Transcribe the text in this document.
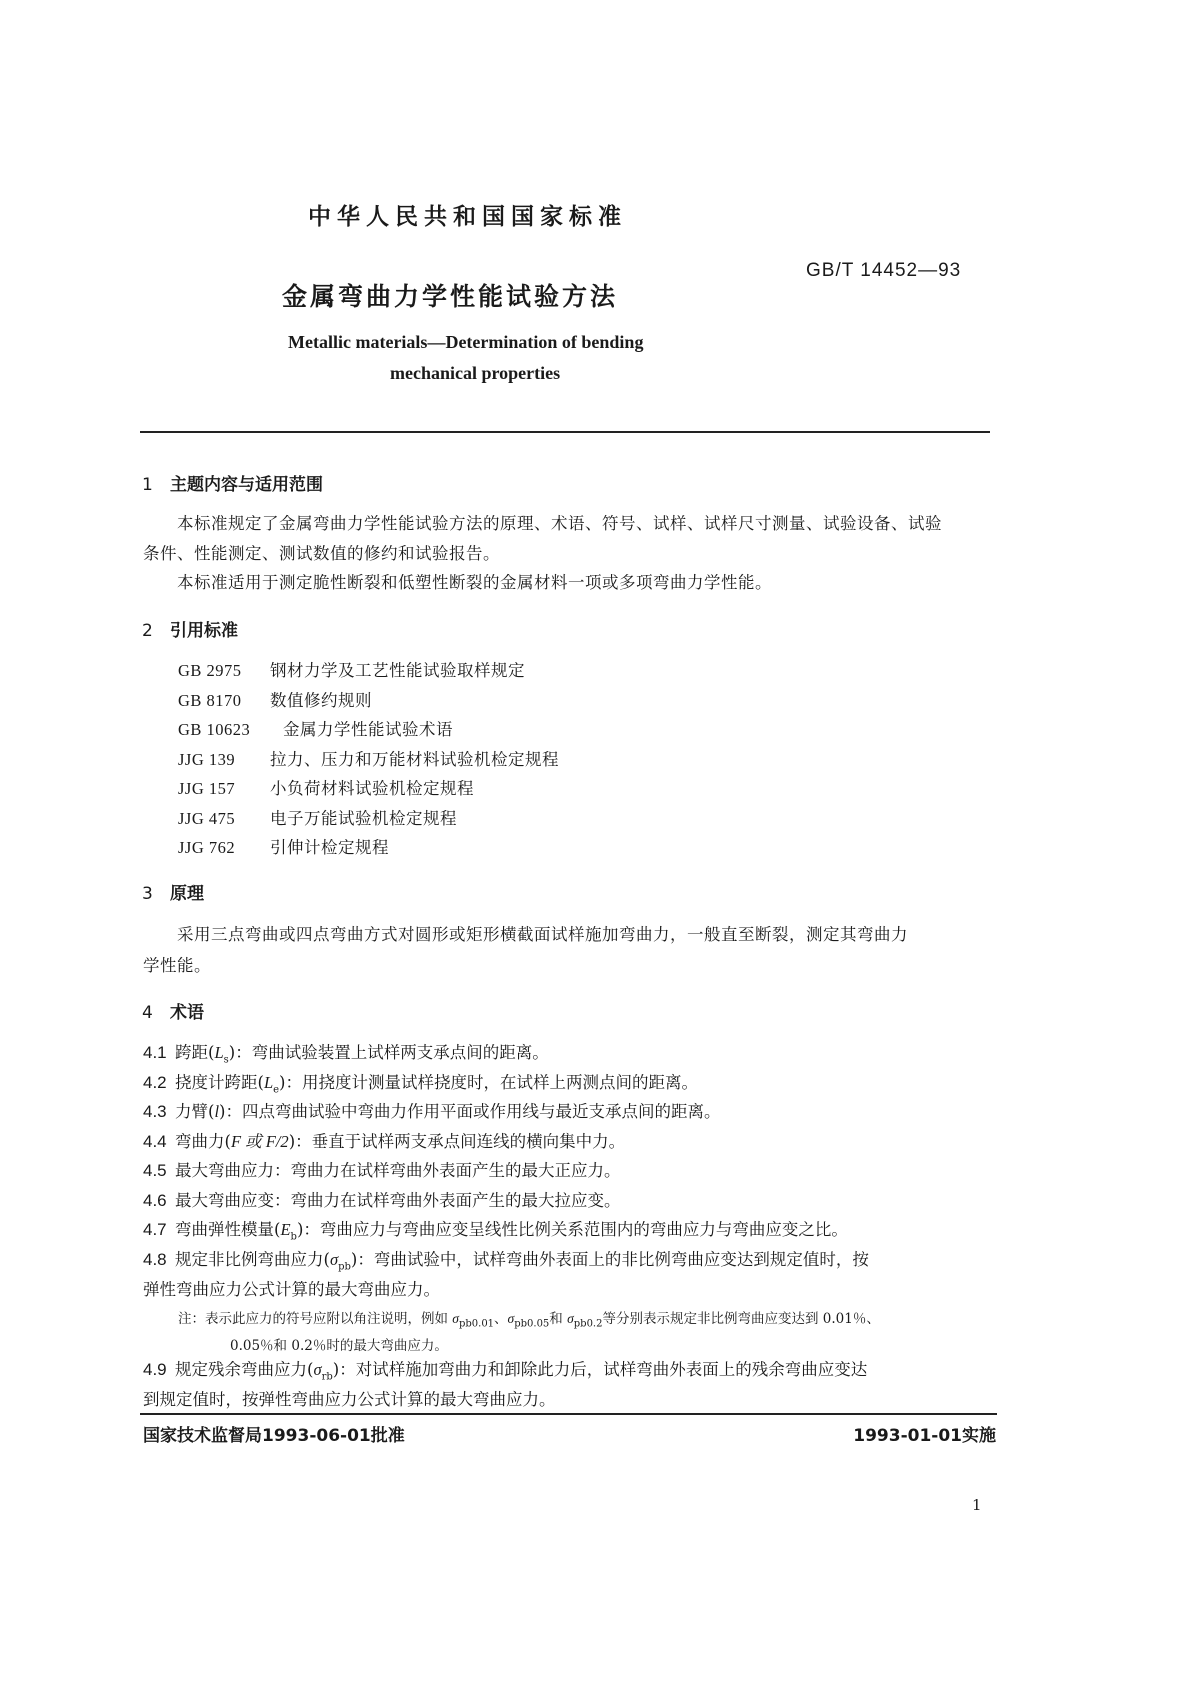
中华人民共和国国家标准
GB/T 14452—93
金属弯曲力学性能试验方法
Metallic materials—Determination of bending
mechanical properties
1 主题内容与适用范围
本标准规定了金属弯曲力学性能试验方法的原理、术语、符号、试样、试样尺寸测量、试验设备、试验
条件、性能测定、测试数值的修约和试验报告。
本标准适用于测定脆性断裂和低塑性断裂的金属材料一项或多项弯曲力学性能。
2 引用标准
GB 2975 钢材力学及工艺性能试验取样规定
GB 8170 数值修约规则
GB 10623 金属力学性能试验术语
JJG 139 拉力、压力和万能材料试验机检定规程
JJG 157 小负荷材料试验机检定规程
JJG 475 电子万能试验机检定规程
JJG 762 引伸计检定规程
3 原理
采用三点弯曲或四点弯曲方式对圆形或矩形横截面试样施加弯曲力，一般直至断裂，测定其弯曲力
学性能。
4 术语
4.1 跨距$(L_s)$：弯曲试验装置上试样两支承点间的距离。
4.2 挠度计跨距$(L_e)$：用挠度计测量试样挠度时，在试样上两测点间的距离。
4.3 力臂(l)：四点弯曲试验中弯曲力作用平面或作用线与最近支承点间的距离。
4.4 弯曲力(F 或 F/2)：垂直于试样两支承点间连线的横向集中力。
4.5 最大弯曲应力：弯曲力在试样弯曲外表面产生的最大正应力。
4.6 最大弯曲应变：弯曲力在试样弯曲外表面产生的最大拉应变。
4.7 弯曲弹性模量$(E_b)$：弯曲应力与弯曲应变呈线性比例关系范围内的弯曲应力与弯曲应变之比。
4.8 规定非比例弯曲应力$(\sigma_{pb})$：弯曲试验中，试样弯曲外表面上的非比例弯曲应变达到规定值时，按
弹性弯曲应力公式计算的最大弯曲应力。
注：表示此应力的符号应附以角注说明，例如 $\sigma_{pb0.01}$、$\sigma_{pb0.05}$和 $\sigma_{pb0.2}$等分别表示规定非比例弯曲应变达到 0.01％、
0.05％和 0.2％时的最大弯曲应力。
4.9 规定残余弯曲应力$(\sigma_{rb})$：对试样施加弯曲力和卸除此力后，试样弯曲外表面上的残余弯曲应变达
到规定值时，按弹性弯曲应力公式计算的最大弯曲应力。
国家技术监督局1993-06-01批准	1993-01-01实施
1
